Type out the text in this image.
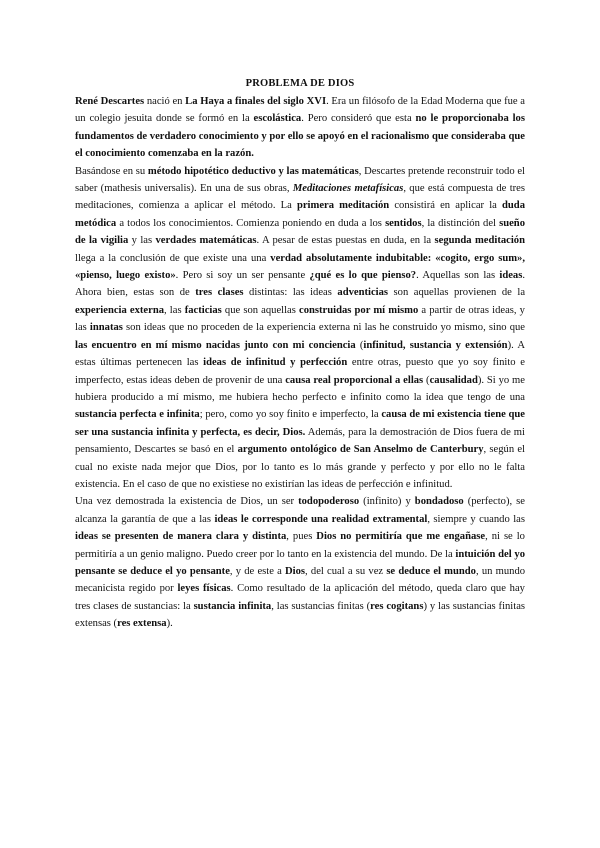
PROBLEMA DE DIOS

René Descartes nació en La Haya a finales del siglo XVI. Era un filósofo de la Edad Moderna que fue a un colegio jesuita donde se formó en la escolástica. Pero consideró que esta no le proporcionaba los fundamentos de verdadero conocimiento y por ello se apoyó en el racionalismo que consideraba que el conocimiento comenzaba en la razón.

Basándose en su método hipotético deductivo y las matemáticas, Descartes pretende reconstruir todo el saber (mathesis universalis). En una de sus obras, Meditaciones metafísicas, que está compuesta de tres meditaciones, comienza a aplicar el método. La primera meditación consistirá en aplicar la duda metódica a todos los conocimientos. Comienza poniendo en duda a los sentidos, la distinción del sueño de la vigilia y las verdades matemáticas. A pesar de estas puestas en duda, en la segunda meditación llega a la conclusión de que existe una una verdad absolutamente indubitable: «cogito, ergo sum», «pienso, luego existo». Pero si soy un ser pensante ¿qué es lo que pienso?. Aquellas son las ideas. Ahora bien, estas son de tres clases distintas: las ideas adventicias son aquellas provienen de la experiencia externa, las facticias que son aquellas construidas por mí mismo a partir de otras ideas, y las innatas son ideas que no proceden de la experiencia externa ni las he construido yo mismo, sino que las encuentro en mí mismo nacidas junto con mi conciencia (infinitud, sustancia y extensión). A estas últimas pertenecen las ideas de infinitud y perfección entre otras, puesto que yo soy finito e imperfecto, estas ideas deben de provenir de una causa real proporcional a ellas (causalidad). Si yo me hubiera producido a mí mismo, me hubiera hecho perfecto e infinito como la idea que tengo de una sustancia perfecta e infinita; pero, como yo soy finito e imperfecto, la causa de mi existencia tiene que ser una sustancia infinita y perfecta, es decir, Dios. Además, para la demostración de Dios fuera de mi pensamiento, Descartes se basó en el argumento ontológico de San Anselmo de Canterbury, según el cual no existe nada mejor que Dios, por lo tanto es lo más grande y perfecto y por ello no le falta existencia. En el caso de que no existiese no existirían las ideas de perfección e infinitud.

Una vez demostrada la existencia de Dios, un ser todopoderoso (infinito) y bondadoso (perfecto), se alcanza la garantía de que a las ideas le corresponde una realidad extramental, siempre y cuando las ideas se presenten de manera clara y distinta, pues Dios no permitiría que me engañase, ni se lo permitiría a un genio maligno. Puedo creer por lo tanto en la existencia del mundo. De la intuición del yo pensante se deduce el yo pensante, y de este a Dios, del cual a su vez se deduce el mundo, un mundo mecanicista regido por leyes físicas. Como resultado de la aplicación del método, queda claro que hay tres clases de sustancias: la sustancia infinita, las sustancias finitas (res cogitans) y las sustancias finitas extensas (res extensa).
